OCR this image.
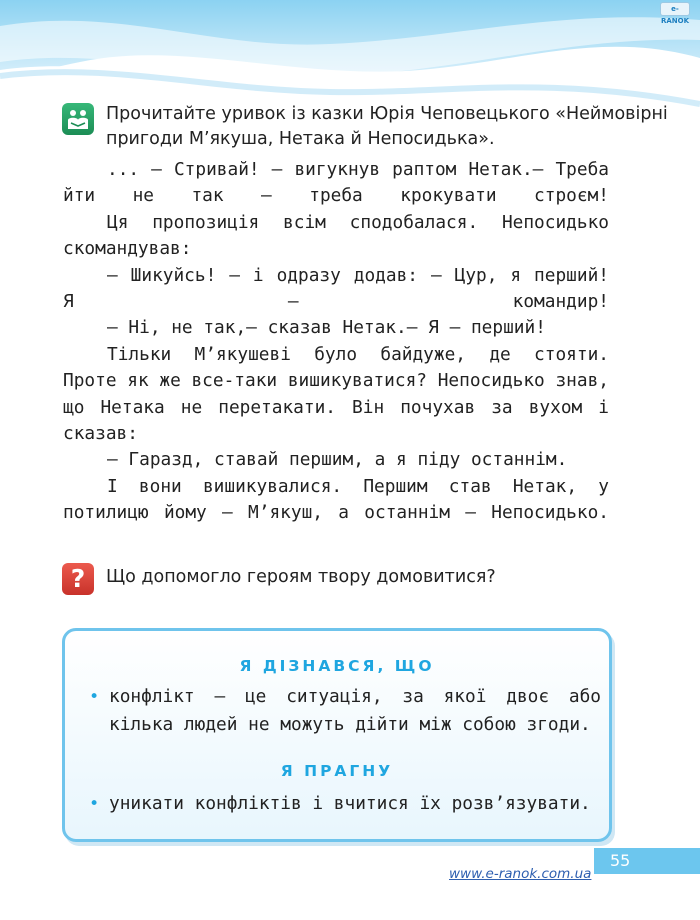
e-RANOK
Прочитайте уривок із казки Юрія Чеповецького «Неймовірні пригоди М’якуша, Нетака й Непосидька».

... — Стривай! — вигукнув раптом Нетак.— Треба йти не так — треба крокувати строєм!

Ця пропозиція всім сподобалася. Непосидько скомандував:

— Шикуйсь! — і одразу додав: — Цур, я перший! Я — командир!

— Ні, не так,— сказав Нетак.— Я — перший!

Тільки М’якушеві було байдуже, де стояти. Проте як же все-таки вишикуватися? Непосидько знав, що Нетака не перетакати. Він почухав за вухом і сказав:

— Гаразд, ставай першим, а я піду останнім.

І вони вишикувалися. Першим став Нетак, у потилицю йому — М’якуш, а останнім — Непосидько.

?	Що допомогло героям твору домовитися?
Я ДІЗНАВСЯ, ЩО
• конфлікт — це ситуація, за якої двоє або кілька людей не можуть дійти між собою згоди.
Я ПРАГНУ
• уникати конфліктів і вчитися їх розв’язувати.
55
www.e-ranok.com.ua
